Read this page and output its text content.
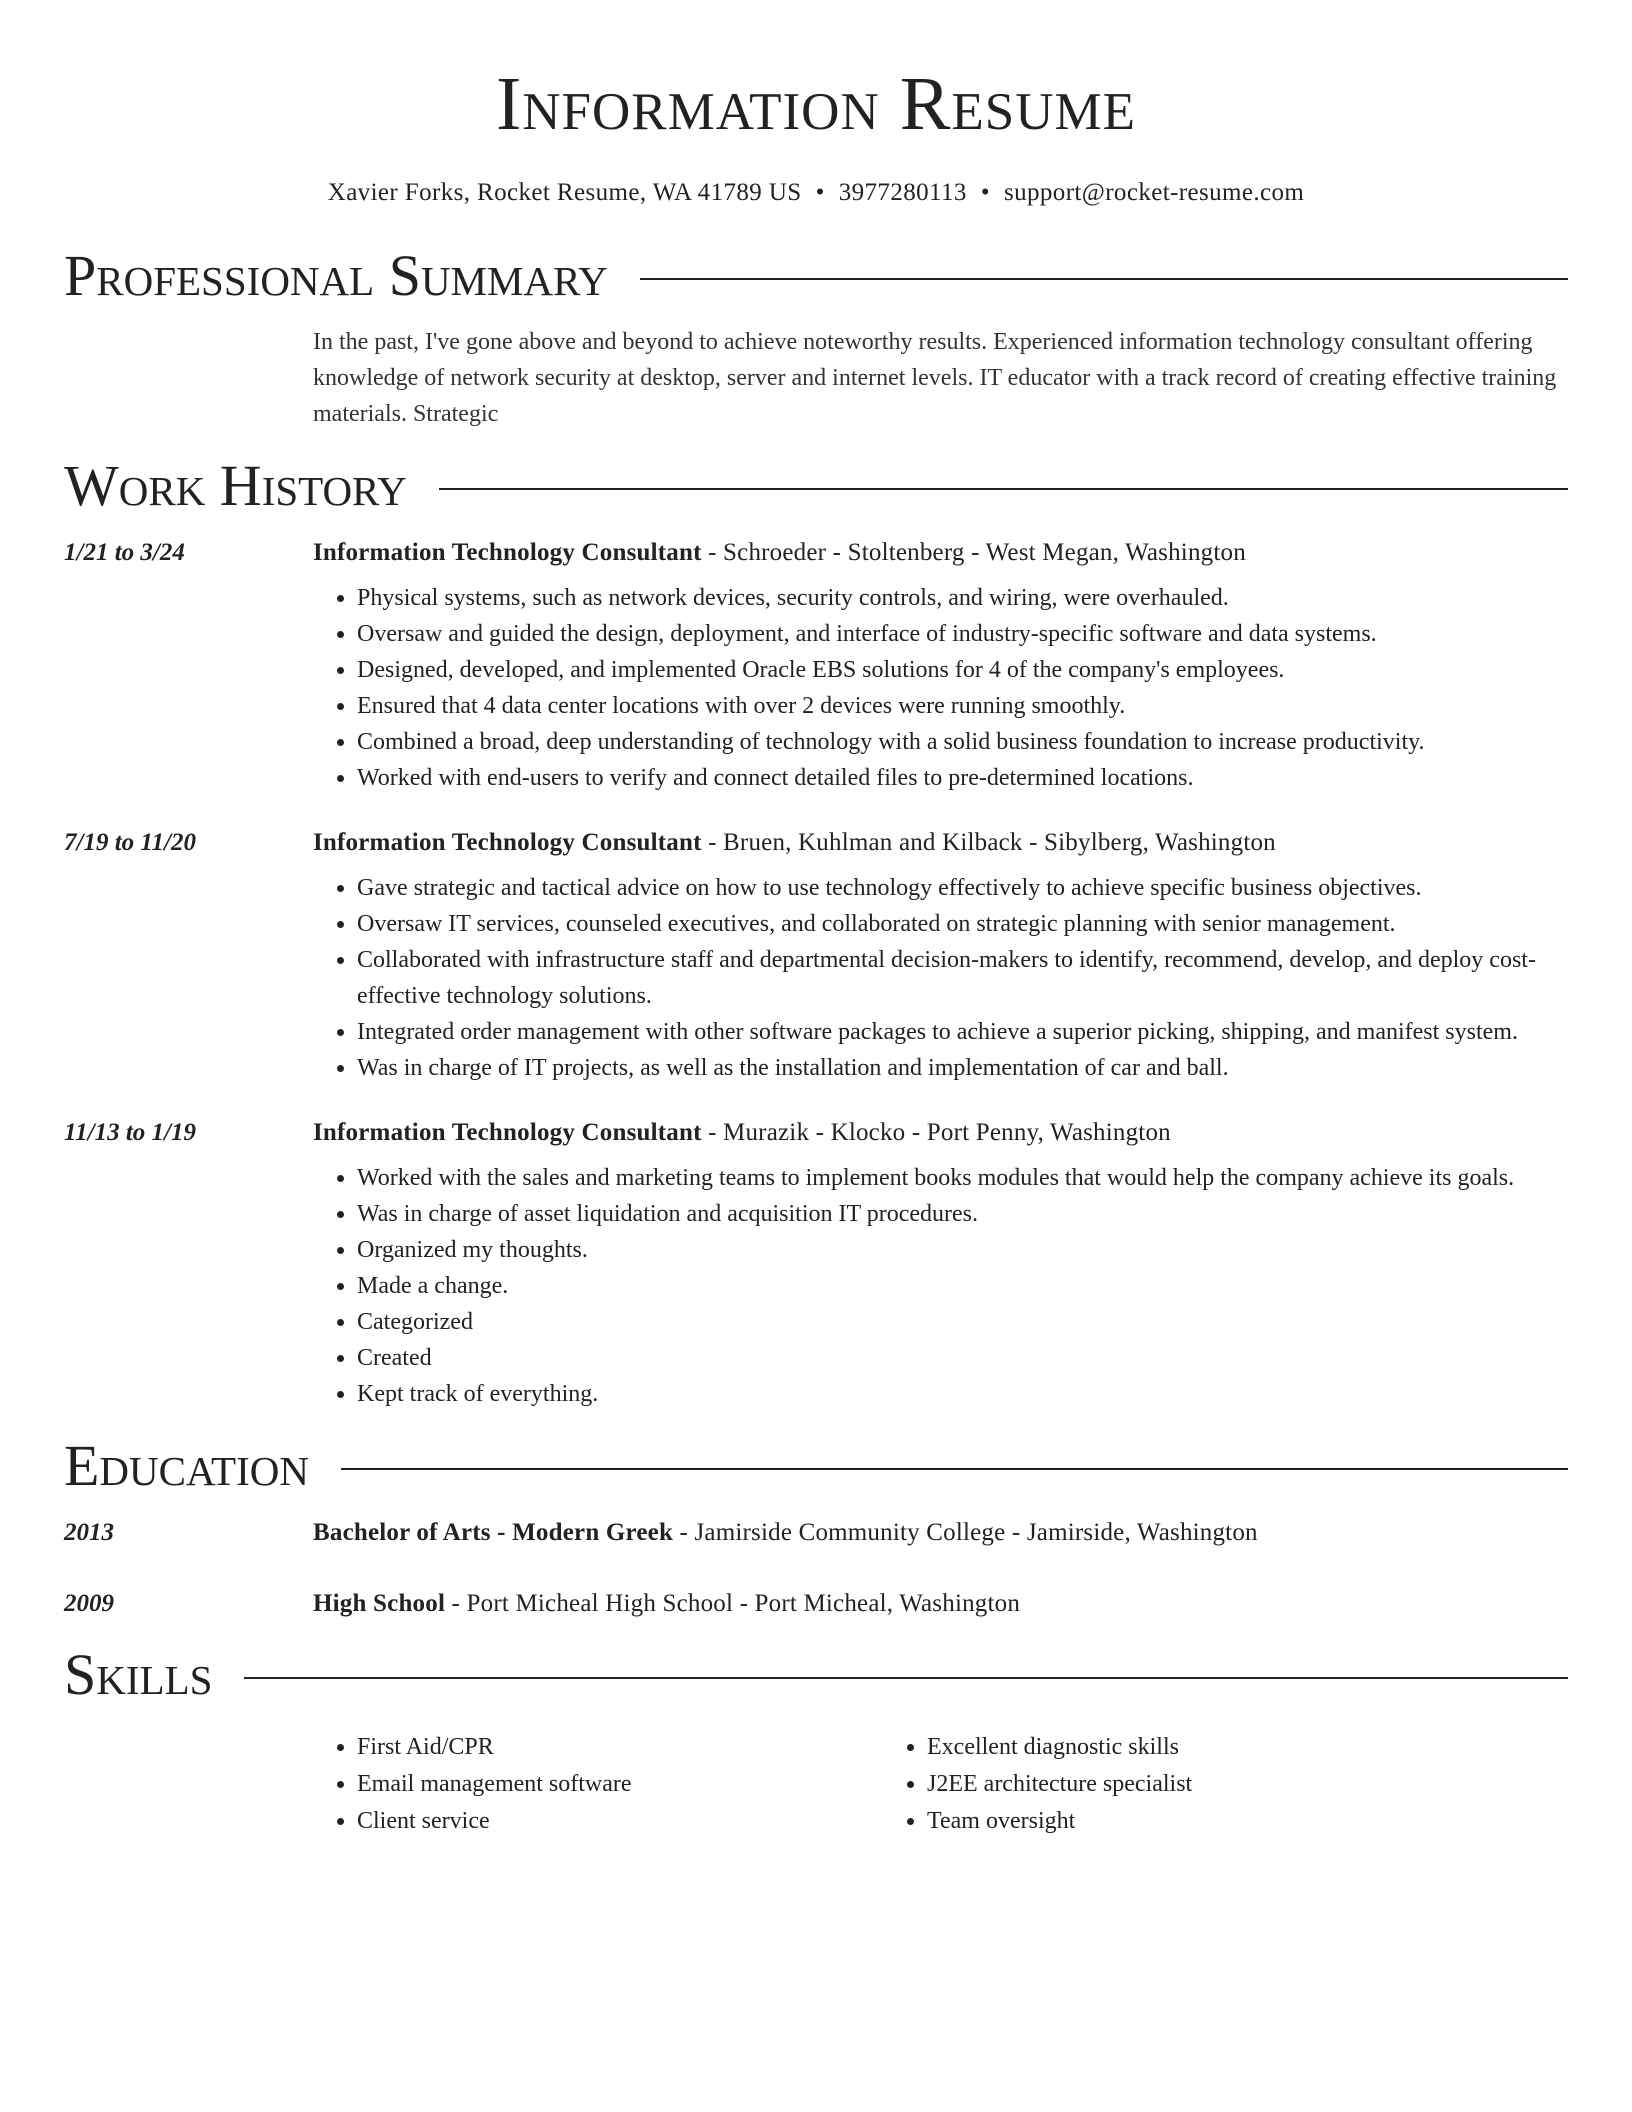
Information Resume
Xavier Forks, Rocket Resume, WA 41789 US • 3977280113 • support@rocket-resume.com
Professional Summary
In the past, I've gone above and beyond to achieve noteworthy results. Experienced information technology consultant offering knowledge of network security at desktop, server and internet levels. IT educator with a track record of creating effective training materials. Strategic
Work History
1/21 to 3/24	Information Technology Consultant - Schroeder - Stoltenberg - West Megan, Washington
• Physical systems, such as network devices, security controls, and wiring, were overhauled.
• Oversaw and guided the design, deployment, and interface of industry-specific software and data systems.
• Designed, developed, and implemented Oracle EBS solutions for 4 of the company's employees.
• Ensured that 4 data center locations with over 2 devices were running smoothly.
• Combined a broad, deep understanding of technology with a solid business foundation to increase productivity.
• Worked with end-users to verify and connect detailed files to pre-determined locations.
7/19 to 11/20	Information Technology Consultant - Bruen, Kuhlman and Kilback - Sibylberg, Washington
• Gave strategic and tactical advice on how to use technology effectively to achieve specific business objectives.
• Oversaw IT services, counseled executives, and collaborated on strategic planning with senior management.
• Collaborated with infrastructure staff and departmental decision-makers to identify, recommend, develop, and deploy cost-effective technology solutions.
• Integrated order management with other software packages to achieve a superior picking, shipping, and manifest system.
• Was in charge of IT projects, as well as the installation and implementation of car and ball.
11/13 to 1/19	Information Technology Consultant - Murazik - Klocko - Port Penny, Washington
• Worked with the sales and marketing teams to implement books modules that would help the company achieve its goals.
• Was in charge of asset liquidation and acquisition IT procedures.
• Organized my thoughts.
• Made a change.
• Categorized
• Created
• Kept track of everything.
Education
2013	Bachelor of Arts - Modern Greek - Jamirside Community College - Jamirside, Washington
2009	High School - Port Micheal High School - Port Micheal, Washington
Skills
• First Aid/CPR
• Email management software
• Client service
• Excellent diagnostic skills
• J2EE architecture specialist
• Team oversight
